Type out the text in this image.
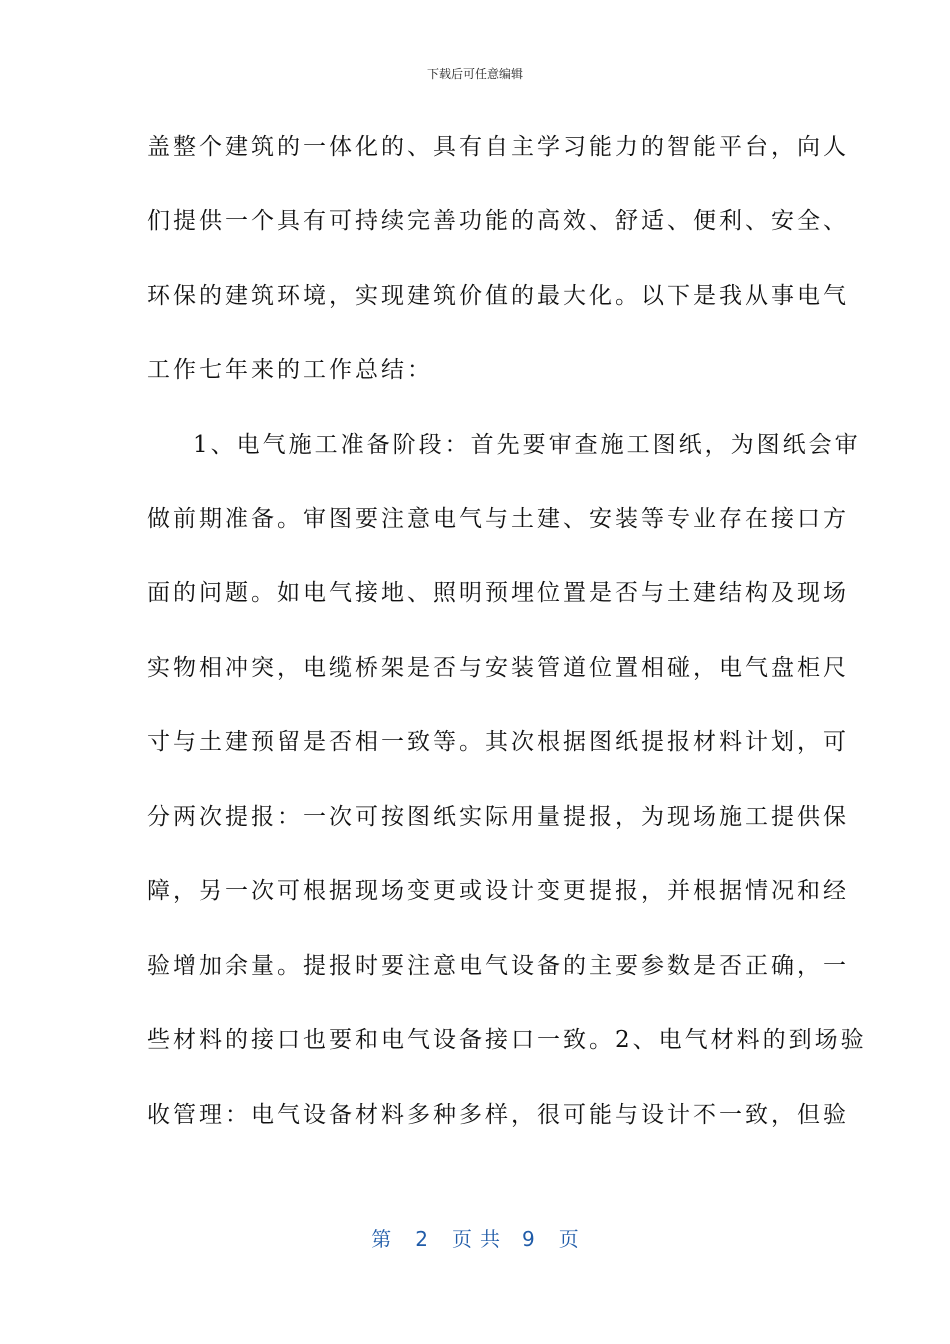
下载后可任意编辑
盖整个建筑的一体化的、具有自主学习能力的智能平台，向人
们提供一个具有可持续完善功能的高效、舒适、便利、安全、
环保的建筑环境，实现建筑价值的最大化。以下是我从事电气
工作七年来的工作总结：
1、电气施工准备阶段：首先要审查施工图纸，为图纸会审
做前期准备。审图要注意电气与土建、安装等专业存在接口方
面的问题。如电气接地、照明预埋位置是否与土建结构及现场
实物相冲突，电缆桥架是否与安装管道位置相碰，电气盘柜尺
寸与土建预留是否相一致等。其次根据图纸提报材料计划，可
分两次提报：一次可按图纸实际用量提报，为现场施工提供保
障，另一次可根据现场变更或设计变更提报，并根据情况和经
验增加余量。提报时要注意电气设备的主要参数是否正确，一
些材料的接口也要和电气设备接口一致。2、电气材料的到场验
收管理：电气设备材料多种多样，很可能与设计不一致，但验
第 2 页共 9 页
